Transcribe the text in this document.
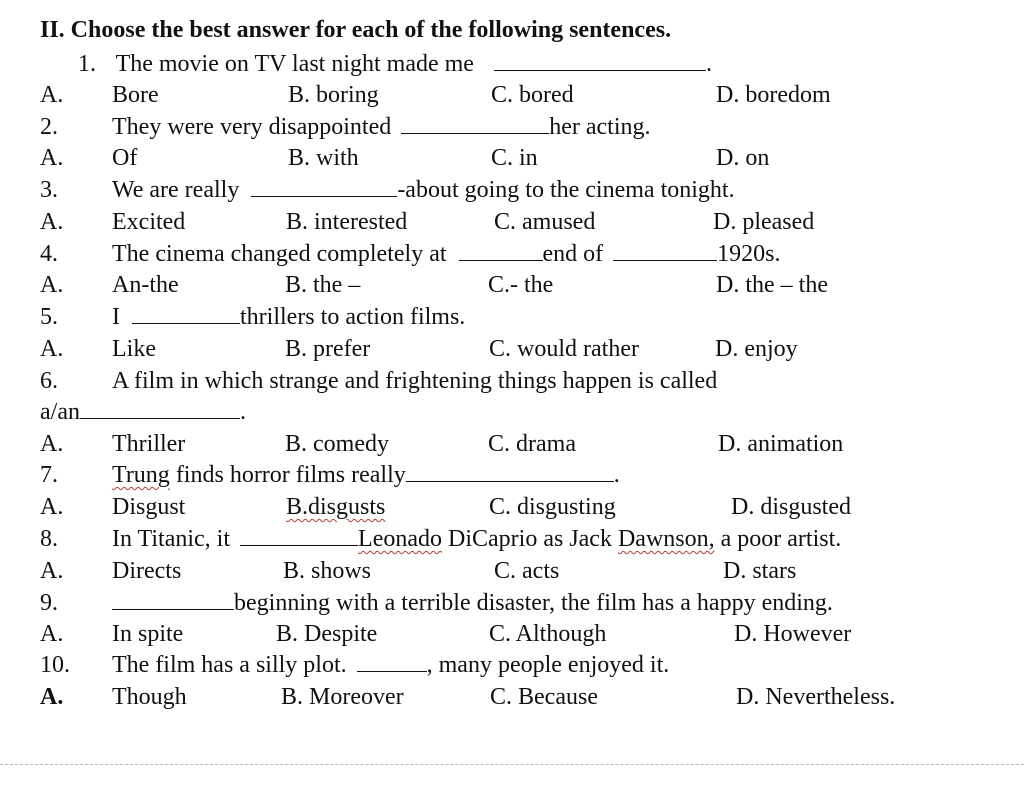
II. Choose the best answer for each of the following sentences.
1. The movie on TV last night made me	.
A. Bore	B. boring	C. bored	D. boredom
2. They were very disappointed	her acting.
A. Of	B. with	C. in	D. on
3. We are really	-about going to the cinema tonight.
A. Excited	B. interested	C. amused	D. pleased
4. The cinema changed completely at	end of	1920s.
A. An-the	B. the –	C.- the	D. the – the
5. I	thrillers to action films.
A. Like	B. prefer	C. would rather	D. enjoy
6. A film in which strange and frightening things happen is called
a/an	.
A. Thriller	B. comedy	C. drama	D. animation
7. Trung finds horror films really	.
A. Disgust	B.disgusts	C. disgusting	D. disgusted
8. In Titanic, it	Leonado DiCaprio as Jack Dawnson, a poor artist.
A. Directs	B. shows	C. acts	D. stars
9.	beginning with a terrible disaster, the film has a happy ending.
A. In spite	B. Despite	C. Although	D. However
10. The film has a silly plot.	, many people enjoyed it.
A. Though	B. Moreover	C. Because	D. Nevertheless.
